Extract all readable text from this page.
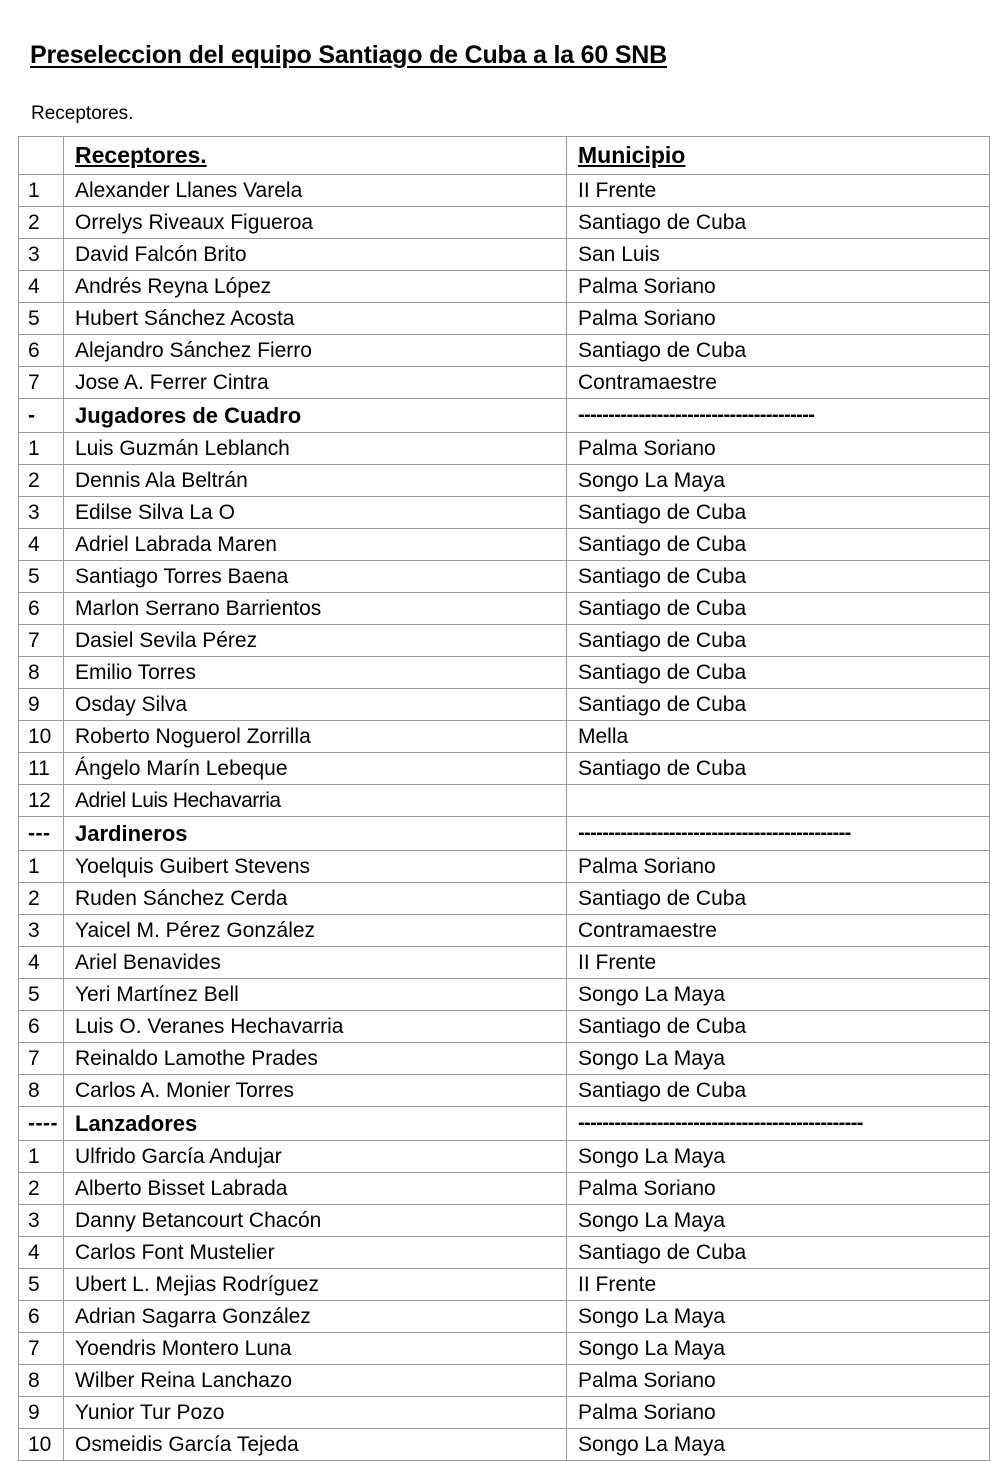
Preseleccion del equipo Santiago de Cuba a la 60 SNB

Receptores.

	Receptores.	Municipio
1	Alexander Llanes Varela	II Frente
2	Orrelys Riveaux Figueroa	Santiago de Cuba
3	David Falcón Brito	San Luis
4	Andrés Reyna López	Palma Soriano
5	Hubert Sánchez Acosta	Palma Soriano
6	Alejandro Sánchez Fierro	Santiago de Cuba
7	Jose A. Ferrer Cintra	Contramaestre
-	Jugadores de Cuadro	---------------------------------------
1	Luis Guzmán Leblanch	Palma Soriano
2	Dennis Ala Beltrán	Songo La Maya
3	Edilse Silva La O	Santiago de Cuba
4	Adriel Labrada Maren	Santiago de Cuba
5	Santiago Torres Baena	Santiago de Cuba
6	Marlon Serrano Barrientos	Santiago de Cuba
7	Dasiel Sevila Pérez	Santiago de Cuba
8	Emilio Torres	Santiago de Cuba
9	Osday Silva	Santiago de Cuba
10	Roberto Noguerol Zorrilla	Mella
11	Ángelo Marín Lebeque	Santiago de Cuba
12	Adriel Luis Hechavarria	
---	Jardineros	---------------------------------------------
1	Yoelquis Guibert Stevens	Palma Soriano
2	Ruden Sánchez Cerda	Santiago de Cuba
3	Yaicel M. Pérez González	Contramaestre
4	Ariel Benavides	II Frente
5	Yeri Martínez Bell	Songo La Maya
6	Luis O. Veranes Hechavarria	Santiago de Cuba
7	Reinaldo Lamothe Prades	Songo La Maya
8	Carlos A. Monier Torres	Santiago de Cuba
----	Lanzadores	-----------------------------------------------
1	Ulfrido García Andujar	Songo La Maya
2	Alberto Bisset Labrada	Palma Soriano
3	Danny Betancourt Chacón	Songo La Maya
4	Carlos Font Mustelier	Santiago de Cuba
5	Ubert L. Mejias Rodríguez	II Frente
6	Adrian Sagarra González	Songo La Maya
7	Yoendris Montero Luna	Songo La Maya
8	Wilber Reina Lanchazo	Palma Soriano
9	Yunior Tur Pozo	Palma Soriano
10	Osmeidis García Tejeda	Songo La Maya
